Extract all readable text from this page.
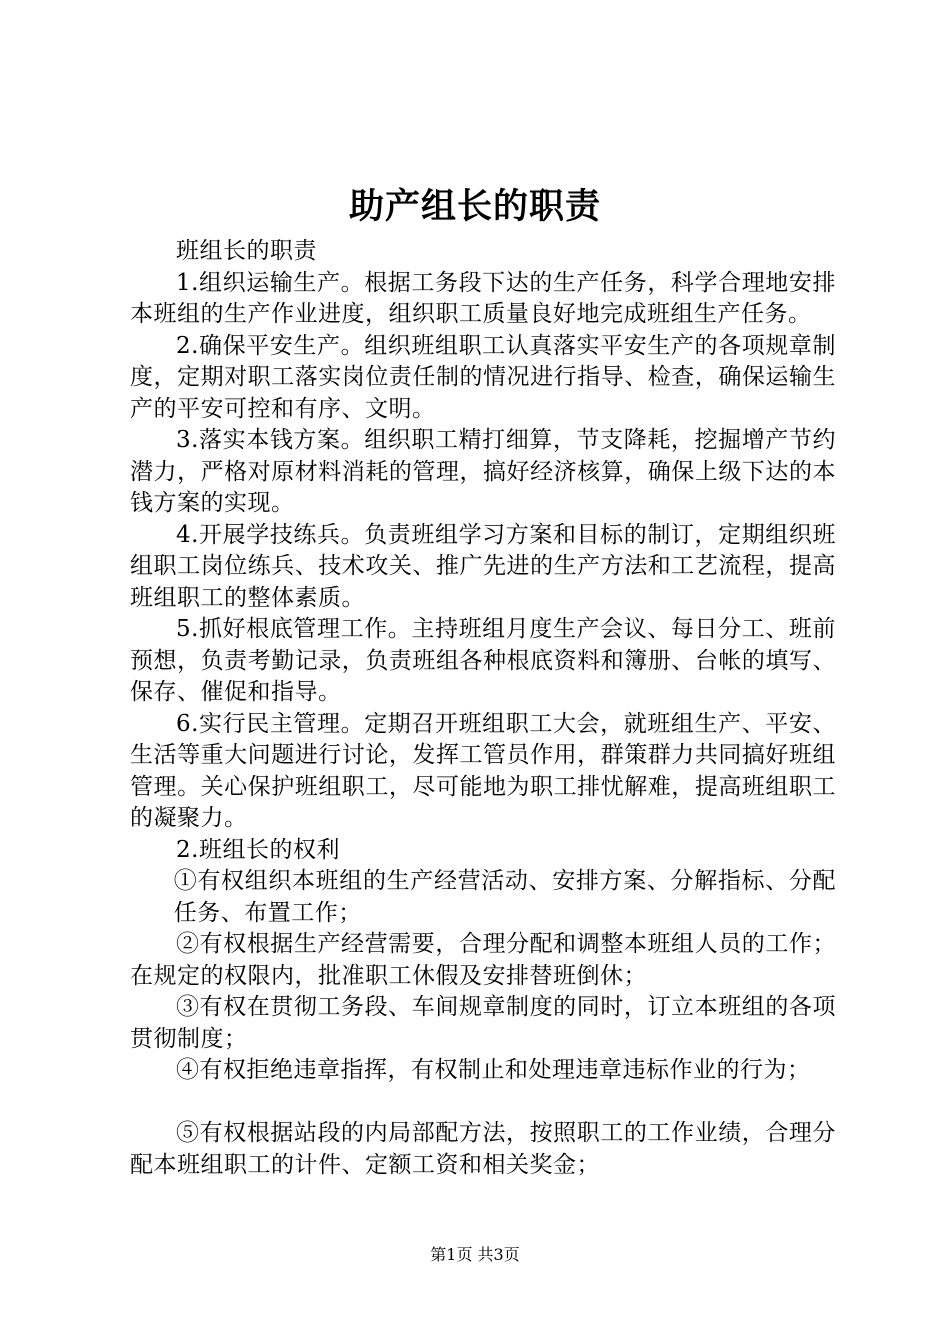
助产组长的职责

班组长的职责

1.组织运输生产。根据工务段下达的生产任务，科学合理地安排本班组的生产作业进度，组织职工质量良好地完成班组生产任务。

2.确保平安生产。组织班组职工认真落实平安生产的各项规章制度，定期对职工落实岗位责任制的情况进行指导、检查，确保运输生产的平安可控和有序、文明。

3.落实本钱方案。组织职工精打细算，节支降耗，挖掘增产节约潜力，严格对原材料消耗的管理，搞好经济核算，确保上级下达的本钱方案的实现。

4.开展学技练兵。负责班组学习方案和目标的制订，定期组织班组职工岗位练兵、技术攻关、推广先进的生产方法和工艺流程，提高班组职工的整体素质。

5.抓好根底管理工作。主持班组月度生产会议、每日分工、班前预想，负责考勤记录，负责班组各种根底资料和簿册、台帐的填写、保存、催促和指导。

6.实行民主管理。定期召开班组职工大会，就班组生产、平安、生活等重大问题进行讨论，发挥工管员作用，群策群力共同搞好班组管理。关心保护班组职工，尽可能地为职工排忧解难，提高班组职工的凝聚力。

2.班组长的权利

①有权组织本班组的生产经营活动、安排方案、分解指标、分配任务、布置工作；

②有权根据生产经营需要，合理分配和调整本班组人员的工作；在规定的权限内，批准职工休假及安排替班倒休；

③有权在贯彻工务段、车间规章制度的同时，订立本班组的各项贯彻制度；

④有权拒绝违章指挥，有权制止和处理违章违标作业的行为；

⑤有权根据站段的内局部配方法，按照职工的工作业绩，合理分配本班组职工的计件、定额工资和相关奖金；

第1页 共3页
